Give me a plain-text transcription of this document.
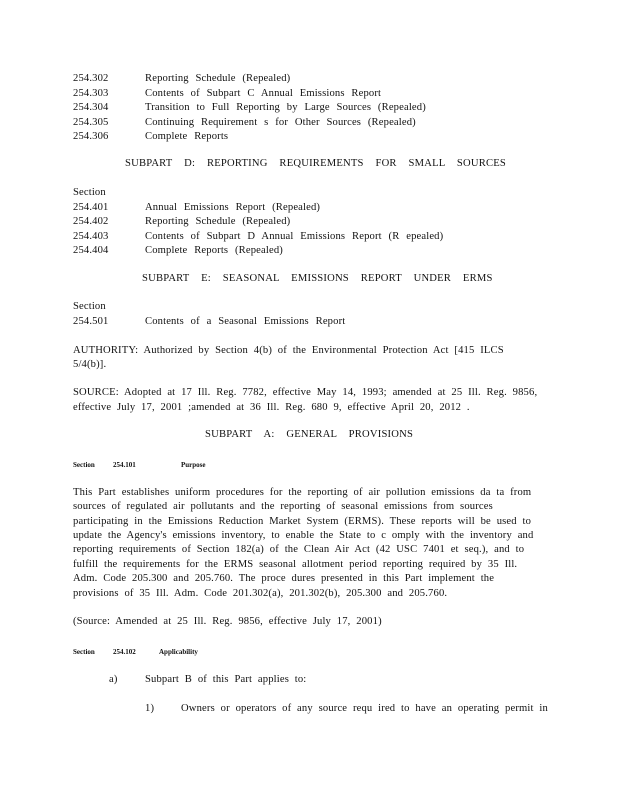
254.302	Reporting Schedule (Repealed)
254.303	Contents of Subpart C Annual Emissions Report
254.304	Transition to Full Reporting by Large Sources (Repealed)
254.305	Continuing Requirement s for Other Sources (Repealed)
254.306	Complete Reports
SUBPART D: REPORTING REQUIREMENTS FOR SMALL SOURCES
Section
254.401	Annual Emissions Report (Repealed)
254.402	Reporting Schedule (Repealed)
254.403	Contents of Subpart D Annual Emissions Report (R epealed)
254.404	Complete Reports (Repealed)
SUBPART E: SEASONAL EMISSIONS REPORT UNDER ERMS
Section
254.501	Contents of a Seasonal Emissions Report
AUTHORITY: Authorized by Section 4(b) of the Environmental Protection Act [415 ILCS
5/4(b)].
SOURCE: Adopted at 17 Ill. Reg. 7782, effective May 14, 1993; amended at 25 Ill. Reg. 9856,
effective July 17, 2001 ;amended at 36 Ill. Reg. 680 9, effective April 20, 2012 .
SUBPART A: GENERAL PROVISIONS
Section	254.101	Purpose
This Part establishes uniform procedures for the reporting of air pollution emissions da ta from
sources of regulated air pollutants and the reporting of seasonal emissions from sources
participating in the Emissions Reduction Market System (ERMS). These reports will be used to
update the Agency's emissions inventory, to enable the State to c omply with the inventory and
reporting requirements of Section 182(a) of the Clean Air Act (42 USC 7401 et seq.), and to
fulfill the requirements for the ERMS seasonal allotment period reporting required by 35 Ill.
Adm. Code 205.300 and 205.760. The proce dures presented in this Part implement the
provisions of 35 Ill. Adm. Code 201.302(a), 201.302(b), 205.300 and 205.760.
(Source: Amended at 25 Ill. Reg. 9856, effective July 17, 2001)
Section	254.102	Applicability
a)	Subpart B of this Part applies to:
1)	Owners or operators of any source requ ired to have an operating permit in
